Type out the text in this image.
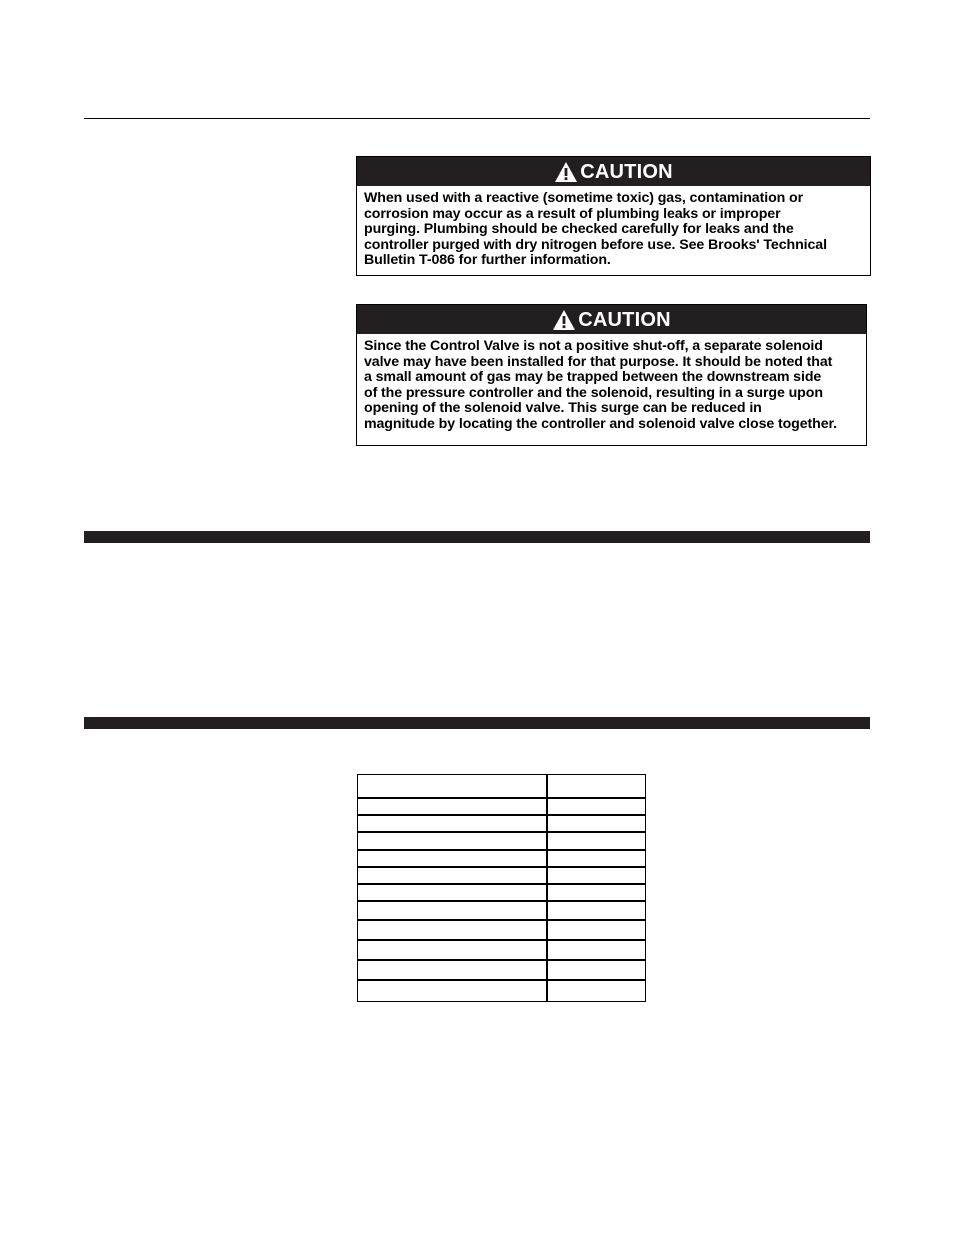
CAUTION
When used with a reactive (sometime toxic) gas, contamination or
corrosion may occur as a result of plumbing leaks or improper
purging. Plumbing should be checked carefully for leaks and the
controller purged with dry nitrogen before use. See Brooks' Technical
Bulletin T-086 for further information.
CAUTION
Since the Control Valve is not a positive shut-off, a separate solenoid
valve may have been installed for that purpose. It should be noted that
a small amount of gas may be trapped between the downstream side
of the pressure controller and the solenoid, resulting in a surge upon
opening of the solenoid valve. This surge can be reduced in
magnitude by locating the controller and solenoid valve close together.
